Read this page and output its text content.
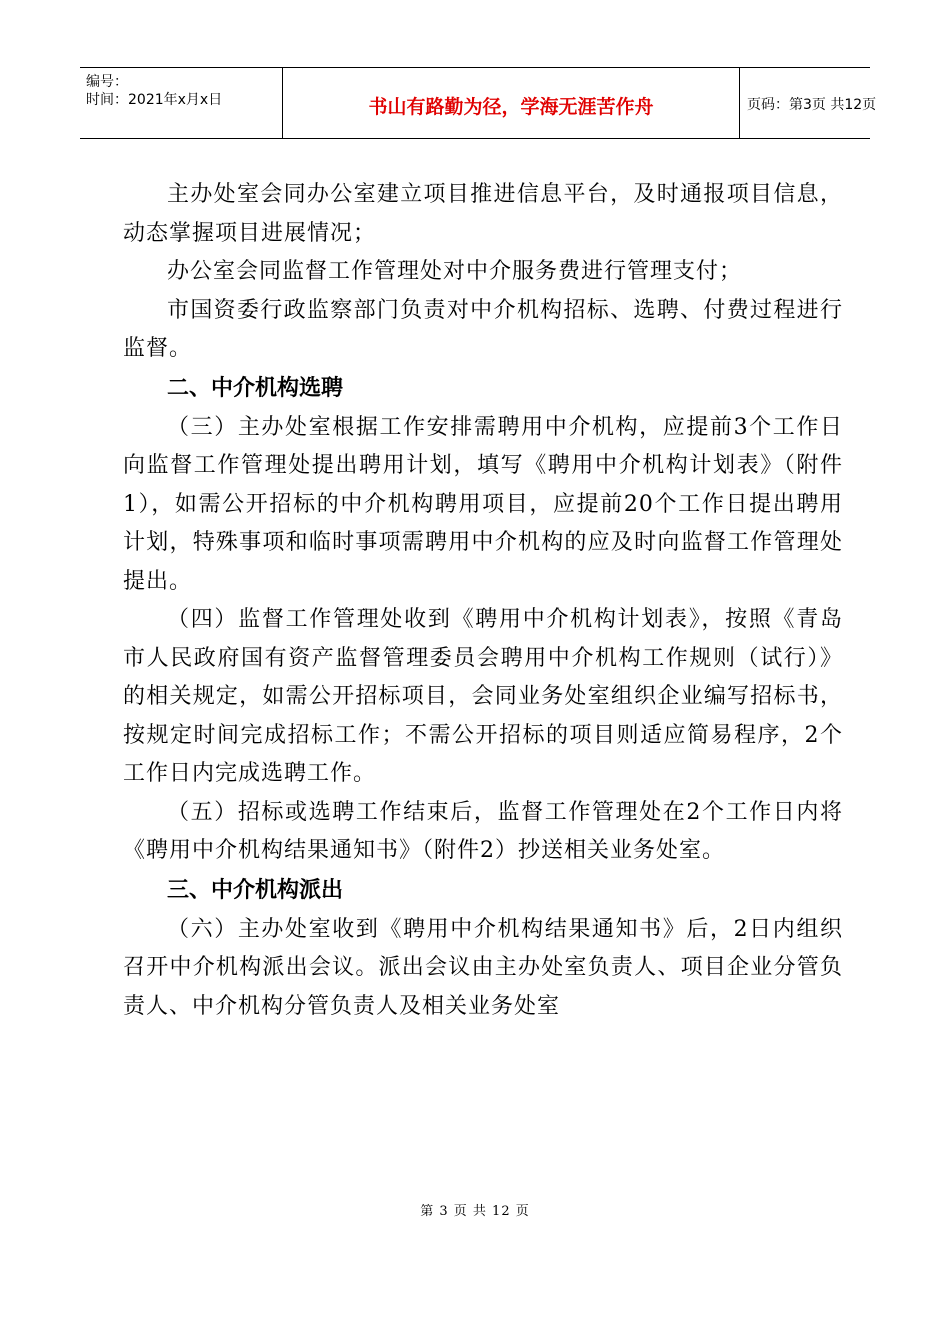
编号：
时间：2021年x月x日	书山有路勤为径，学海无涯苦作舟	页码：第3页 共12页

主办处室会同办公室建立项目推进信息平台，及时通报项目信息，动态掌握项目进展情况；

办公室会同监督工作管理处对中介服务费进行管理支付；

市国资委行政监察部门负责对中介机构招标、选聘、付费过程进行监督。

二、中介机构选聘

（三）主办处室根据工作安排需聘用中介机构，应提前3个工作日向监督工作管理处提出聘用计划，填写《聘用中介机构计划表》（附件1），如需公开招标的中介机构聘用项目，应提前20个工作日提出聘用计划，特殊事项和临时事项需聘用中介机构的应及时向监督工作管理处提出。

（四）监督工作管理处收到《聘用中介机构计划表》，按照《青岛市人民政府国有资产监督管理委员会聘用中介机构工作规则（试行）》的相关规定，如需公开招标项目，会同业务处室组织企业编写招标书，按规定时间完成招标工作；不需公开招标的项目则适应简易程序，2个工作日内完成选聘工作。

（五）招标或选聘工作结束后，监督工作管理处在2个工作日内将《聘用中介机构结果通知书》（附件2）抄送相关业务处室。

三、中介机构派出

（六）主办处室收到《聘用中介机构结果通知书》后，2日内组织召开中介机构派出会议。派出会议由主办处室负责人、项目企业分管负责人、中介机构分管负责人及相关业务处室

第 3 页 共 12 页
